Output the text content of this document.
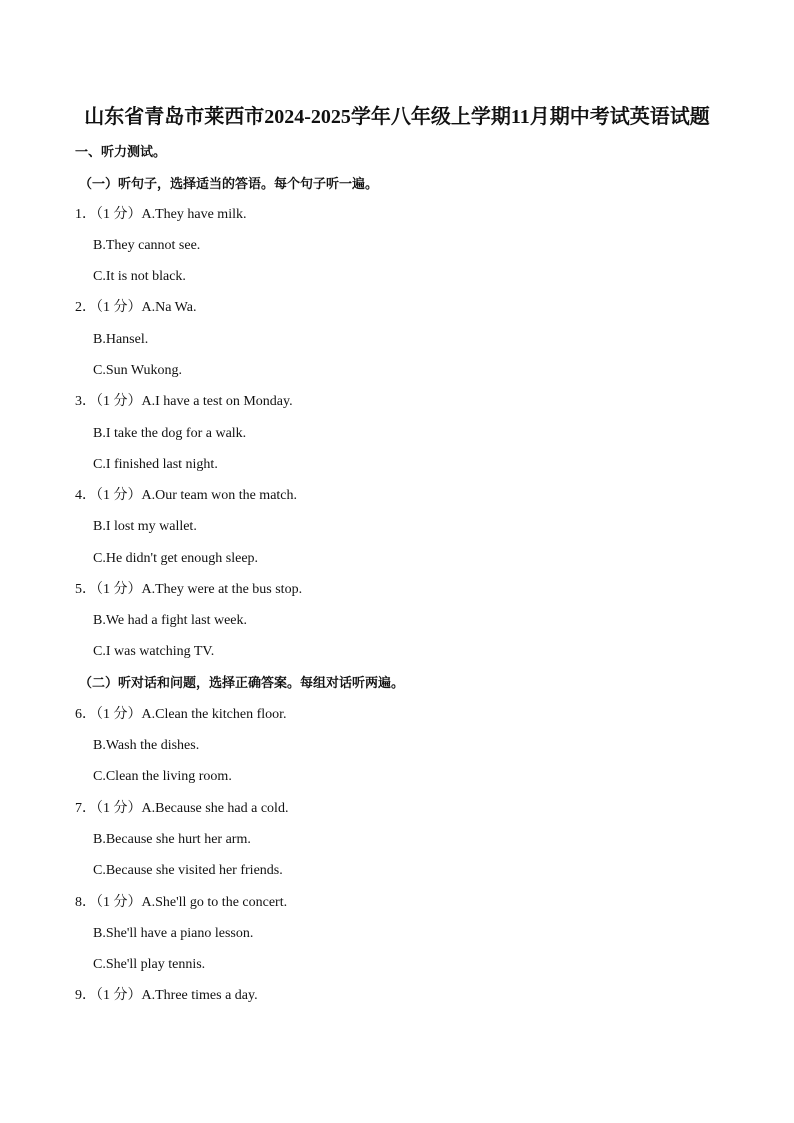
山东省青岛市莱西市2024-2025学年八年级上学期11月期中考试英语试题
一、听力测试。
（一）听句子，选择适当的答语。每个句子听一遍。
1．（1 分）A.They have milk.
B.They cannot see.
C.It is not black.
2．（1 分）A.Na Wa.
B.Hansel.
C.Sun Wukong.
3．（1 分）A.I have a test on Monday.
B.I take the dog for a walk.
C.I finished last night.
4．（1 分）A.Our team won the match.
B.I lost my wallet.
C.He didn't get enough sleep.
5．（1 分）A.They were at the bus stop.
B.We had a fight last week.
C.I was watching TV.
（二）听对话和问题，选择正确答案。每组对话听两遍。
6．（1 分）A.Clean the kitchen floor.
B.Wash the dishes.
C.Clean the living room.
7．（1 分）A.Because she had a cold.
B.Because she hurt her arm.
C.Because she visited her friends.
8．（1 分）A.She'll go to the concert.
B.She'll have a piano lesson.
C.She'll play tennis.
9．（1 分）A.Three times a day.
